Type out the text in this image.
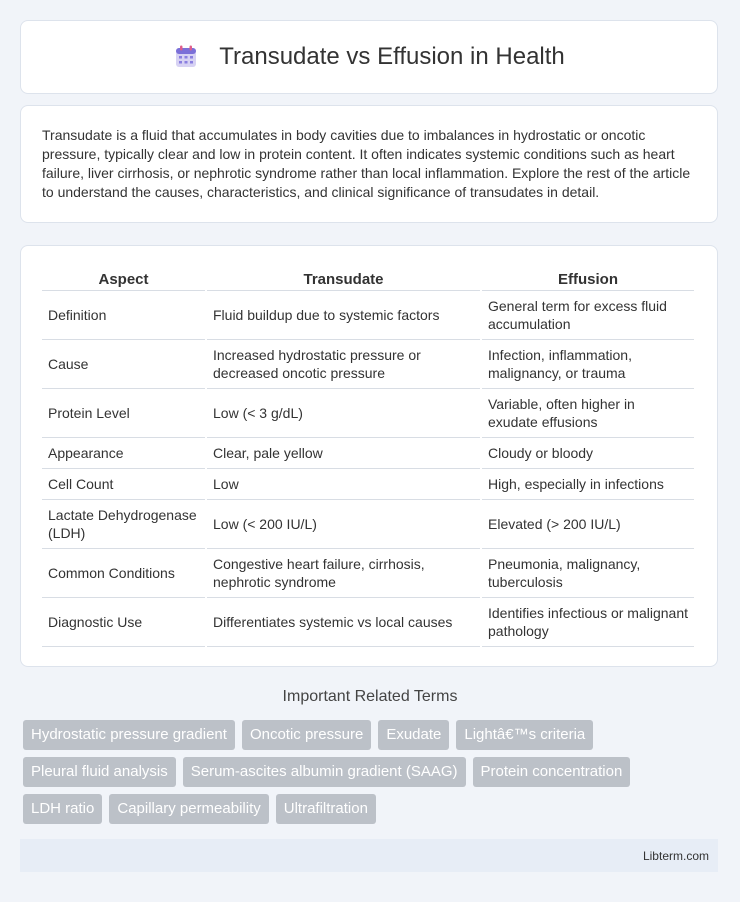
Transudate vs Effusion in Health

Transudate is a fluid that accumulates in body cavities due to imbalances in hydrostatic or oncotic pressure, typically clear and low in protein content. It often indicates systemic conditions such as heart failure, liver cirrhosis, or nephrotic syndrome rather than local inflammation. Explore the rest of the article to understand the causes, characteristics, and clinical significance of transudates in detail.

Aspect	Transudate	Effusion
Definition	Fluid buildup due to systemic factors	General term for excess fluid accumulation
Cause	Increased hydrostatic pressure or decreased oncotic pressure	Infection, inflammation, malignancy, or trauma
Protein Level	Low (< 3 g/dL)	Variable, often higher in exudate effusions
Appearance	Clear, pale yellow	Cloudy or bloody
Cell Count	Low	High, especially in infections
Lactate Dehydrogenase (LDH)	Low (< 200 IU/L)	Elevated (> 200 IU/L)
Common Conditions	Congestive heart failure, cirrhosis, nephrotic syndrome	Pneumonia, malignancy, tuberculosis
Diagnostic Use	Differentiates systemic vs local causes	Identifies infectious or malignant pathology
Important Related Terms
Hydrostatic pressure gradient	Oncotic pressure	Exudate	Lightâ€™s criteria
Pleural fluid analysis	Serum-ascites albumin gradient (SAAG)	Protein concentration
LDH ratio	Capillary permeability	Ultrafiltration
Libterm.com
